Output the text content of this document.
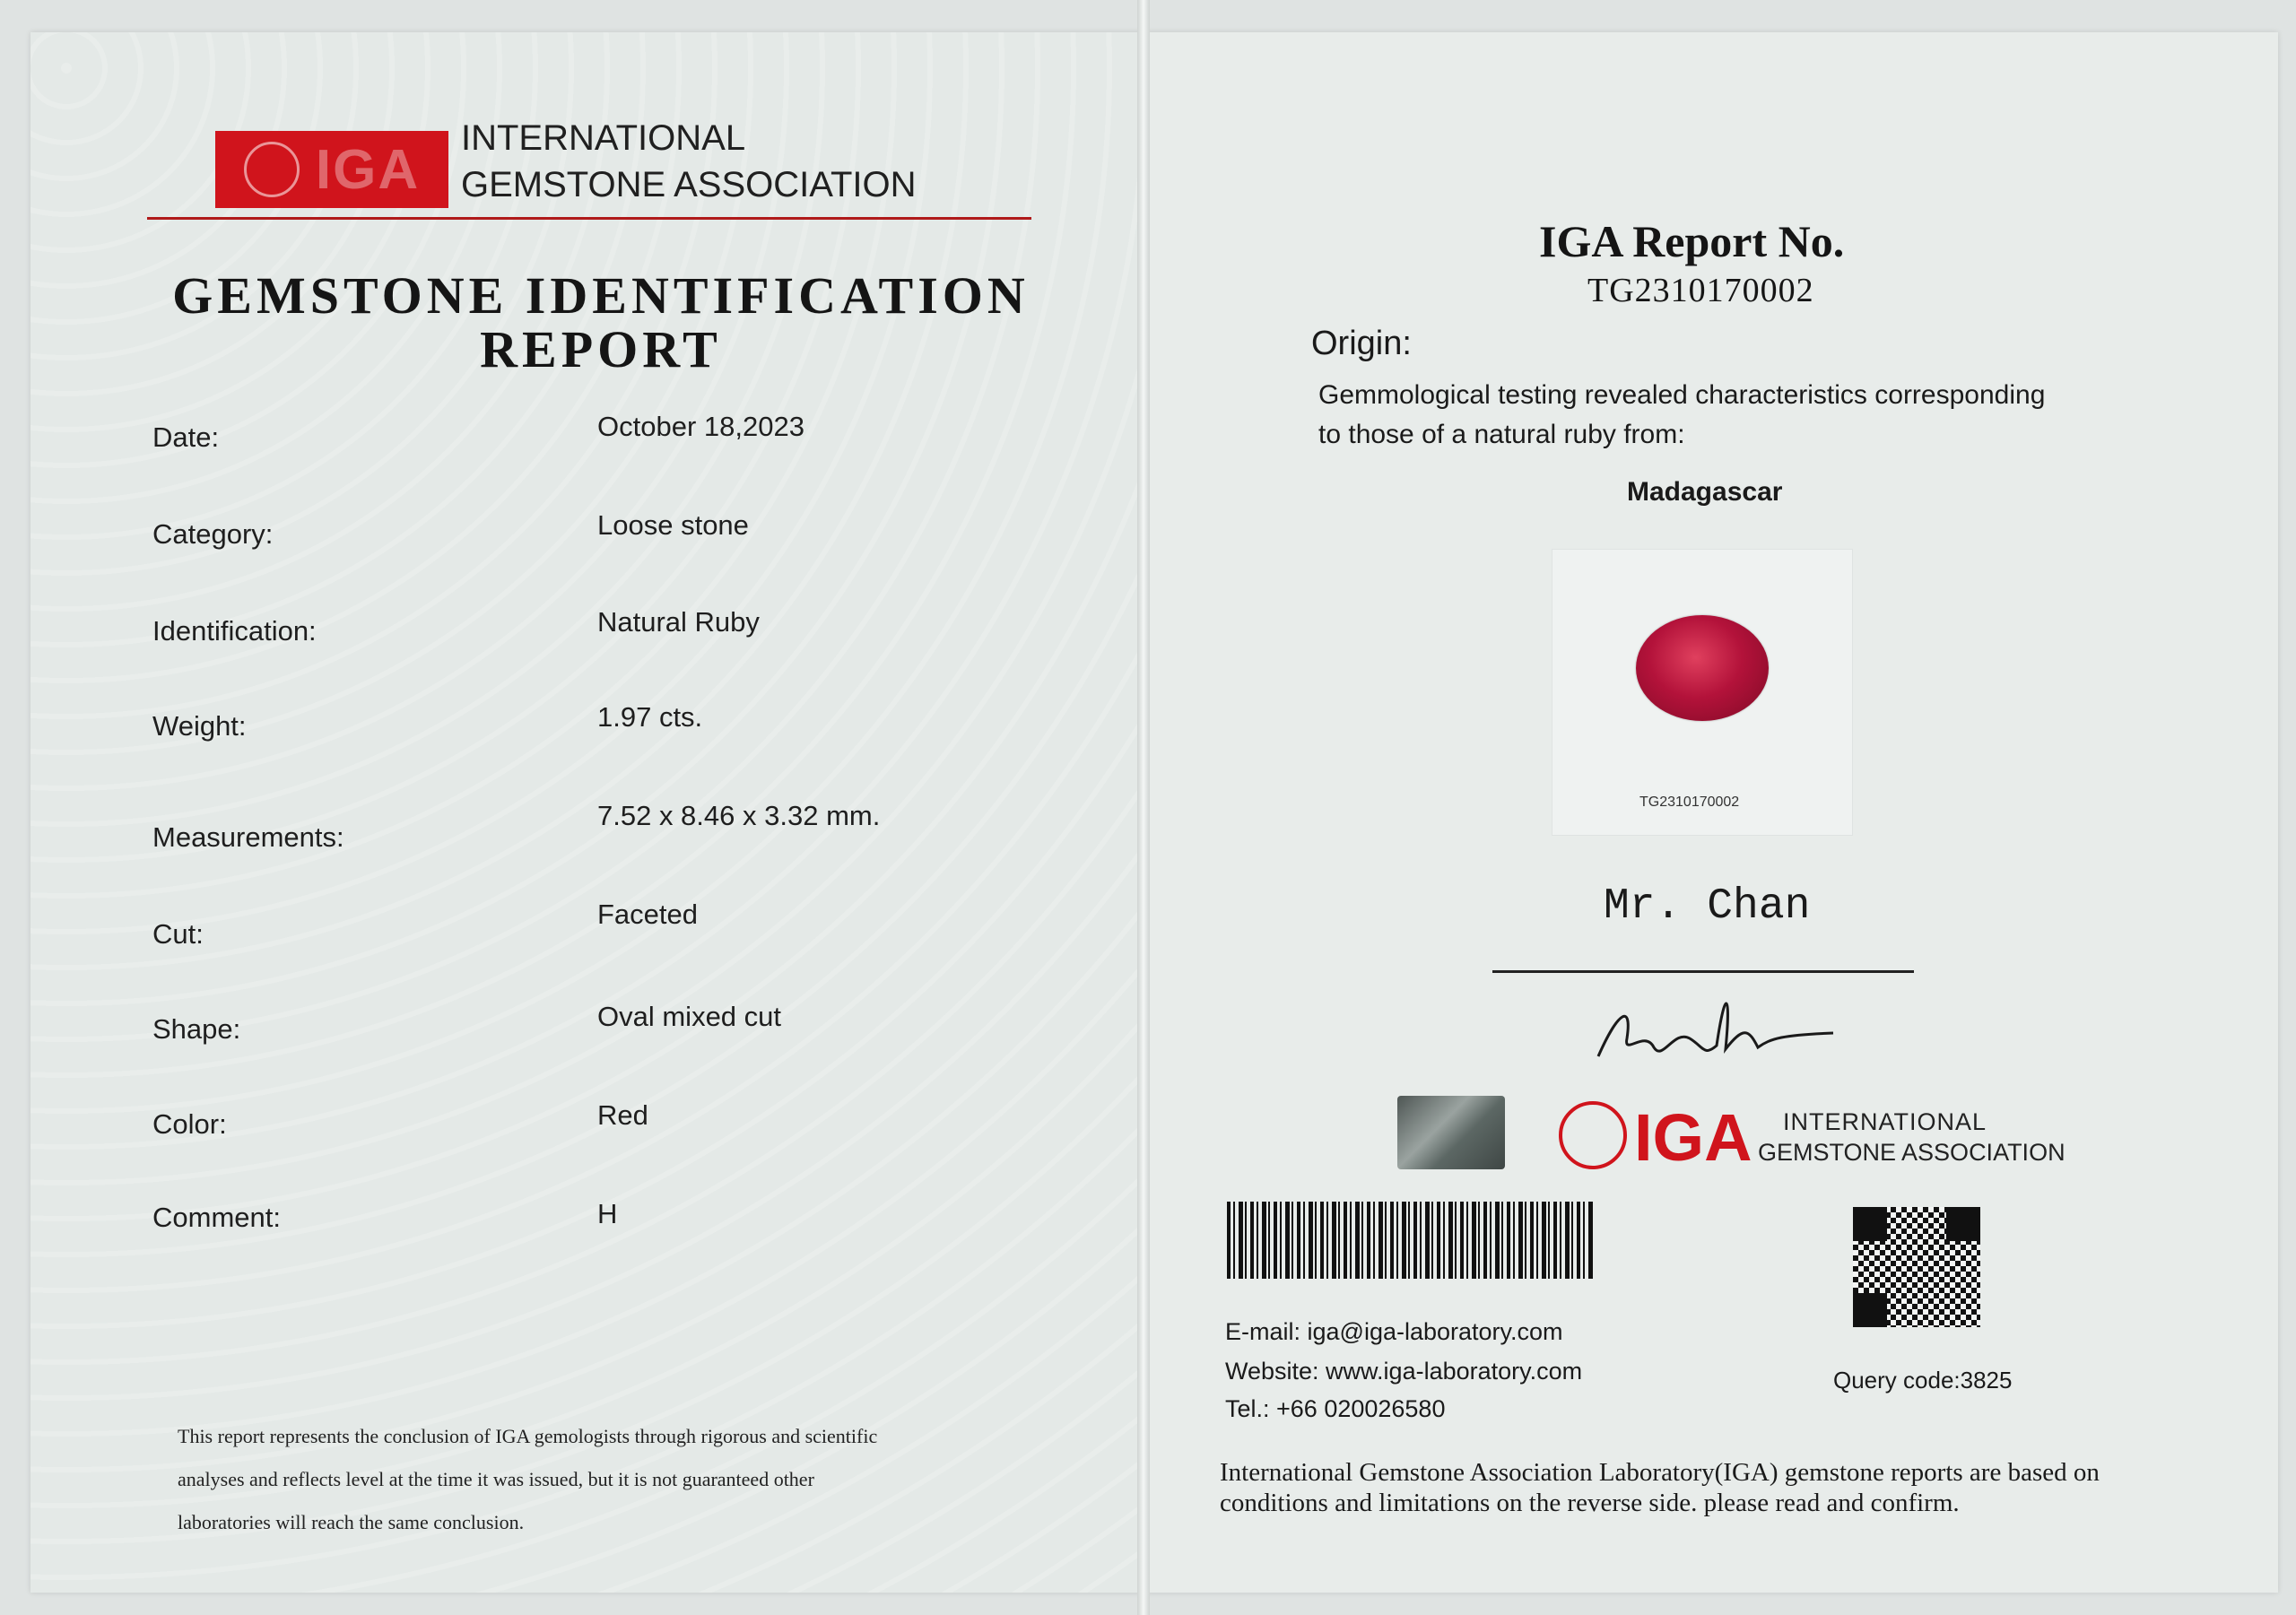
IGA
INTERNATIONAL
GEMSTONE ASSOCIATION
GEMSTONE IDENTIFICATION
REPORT
Date:	October 18,2023
Category:	Loose stone
Identification:	Natural Ruby
Weight:	1.97 cts.
Measurements:
7.52 x 8.46 x 3.32 mm.
Cut:
Faceted
Shape:	Oval mixed cut
Color:	Red
Comment:	H
This report represents the conclusion of IGA gemologists through rigorous and scientific
analyses and reflects level at the time it was issued, but it is not guaranteed other
laboratories will reach the same conclusion.
IGA Report No.
TG2310170002
Origin:
Gemmological testing revealed characteristics corresponding
to those of a natural ruby from:
Madagascar
TG2310170002
Mr. Chan
IGA INTERNATIONAL
GEMSTONE ASSOCIATION
E-mail: iga@iga-laboratory.com
Website: www.iga-laboratory.com
Tel.: +66 020026580
Query code:3825
International Gemstone Association Laboratory(IGA) gemstone reports are based on
conditions and limitations on the reverse side. please read and confirm.
